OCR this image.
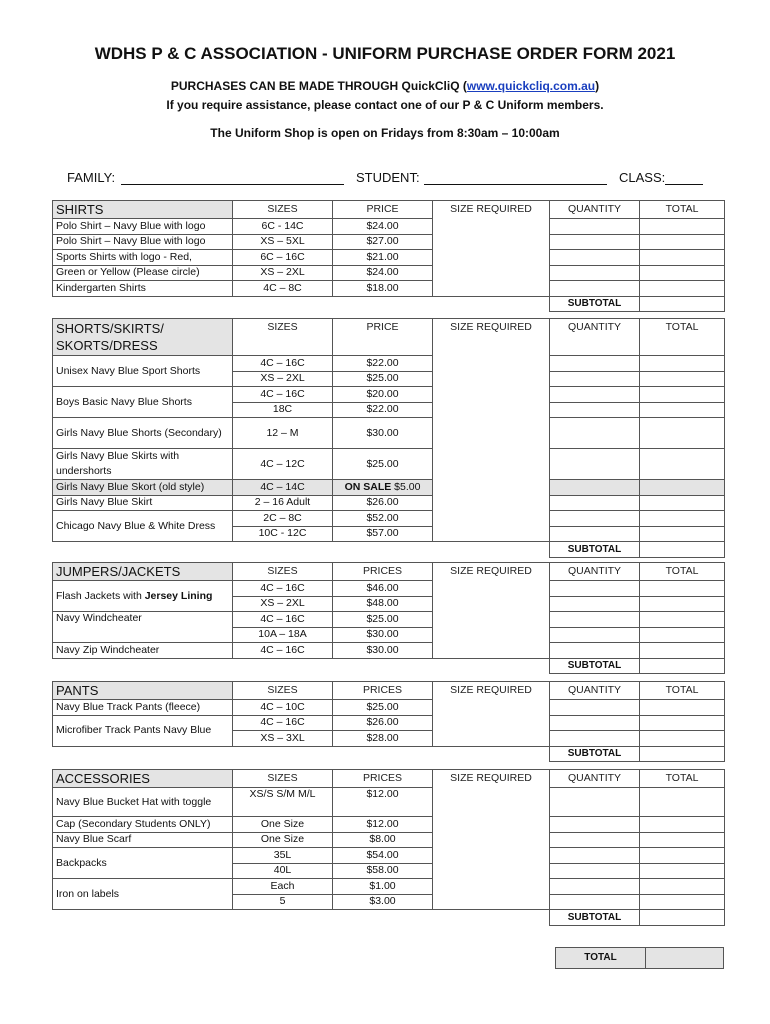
WDHS P & C ASSOCIATION - UNIFORM PURCHASE ORDER FORM 2021
PURCHASES CAN BE MADE THROUGH QuickCliQ (www.quickcliq.com.au)
If you require assistance, please contact one of our P & C Uniform members.
The Uniform Shop is open on Fridays from 8:30am – 10:00am
FAMILY:	STUDENT:	CLASS:
SHIRTS	SIZES	PRICE	SIZE REQUIRED	QUANTITY	TOTAL
Polo Shirt – Navy Blue with logo	6C - 14C	$24.00			
Polo Shirt – Navy Blue with logo	XS – 5XL	$27.00			
Sports Shirts with logo - Red,	6C – 16C	$21.00			
Green or Yellow (Please circle)	XS – 2XL	$24.00			
Kindergarten Shirts	4C – 8C	$18.00			
				SUBTOTAL	
SHORTS/SKIRTS/ SKORTS/DRESS	SIZES	PRICE	SIZE REQUIRED	QUANTITY	TOTAL
Unisex Navy Blue Sport Shorts	4C – 16C	$22.00			
	XS – 2XL	$25.00			
Boys Basic Navy Blue Shorts	4C – 16C	$20.00			
	18C	$22.00			
Girls Navy Blue Shorts (Secondary)	12 – M	$30.00			
Girls Navy Blue Skirts with undershorts	4C – 12C	$25.00			
Girls Navy Blue Skort (old style)	4C – 14C	ON SALE $5.00			
Girls Navy Blue Skirt	2 – 16 Adult	$26.00			
Chicago Navy Blue & White Dress	2C – 8C	$52.00			
	10C - 12C	$57.00			
				SUBTOTAL	
JUMPERS/JACKETS	SIZES	PRICES	SIZE REQUIRED	QUANTITY	TOTAL
Flash Jackets with Jersey Lining	4C – 16C	$46.00			
	XS – 2XL	$48.00			
Navy Windcheater	4C – 16C	$25.00			
	10A – 18A	$30.00			
Navy Zip Windcheater	4C – 16C	$30.00			
				SUBTOTAL	
PANTS	SIZES	PRICES	SIZE REQUIRED	QUANTITY	TOTAL
Navy Blue Track Pants (fleece)	4C – 10C	$25.00			
Microfiber Track Pants Navy Blue	4C – 16C	$26.00			
	XS – 3XL	$28.00			
				SUBTOTAL	
ACCESSORIES	SIZES	PRICES	SIZE REQUIRED	QUANTITY	TOTAL
Navy Blue Bucket Hat with toggle	XS/S S/M M/L	$12.00			
Cap (Secondary Students ONLY)	One Size	$12.00			
Navy Blue Scarf	One Size	$8.00			
Backpacks	35L	$54.00			
	40L	$58.00			
Iron on labels	Each	$1.00			
	5	$3.00			
				SUBTOTAL	
TOTAL
